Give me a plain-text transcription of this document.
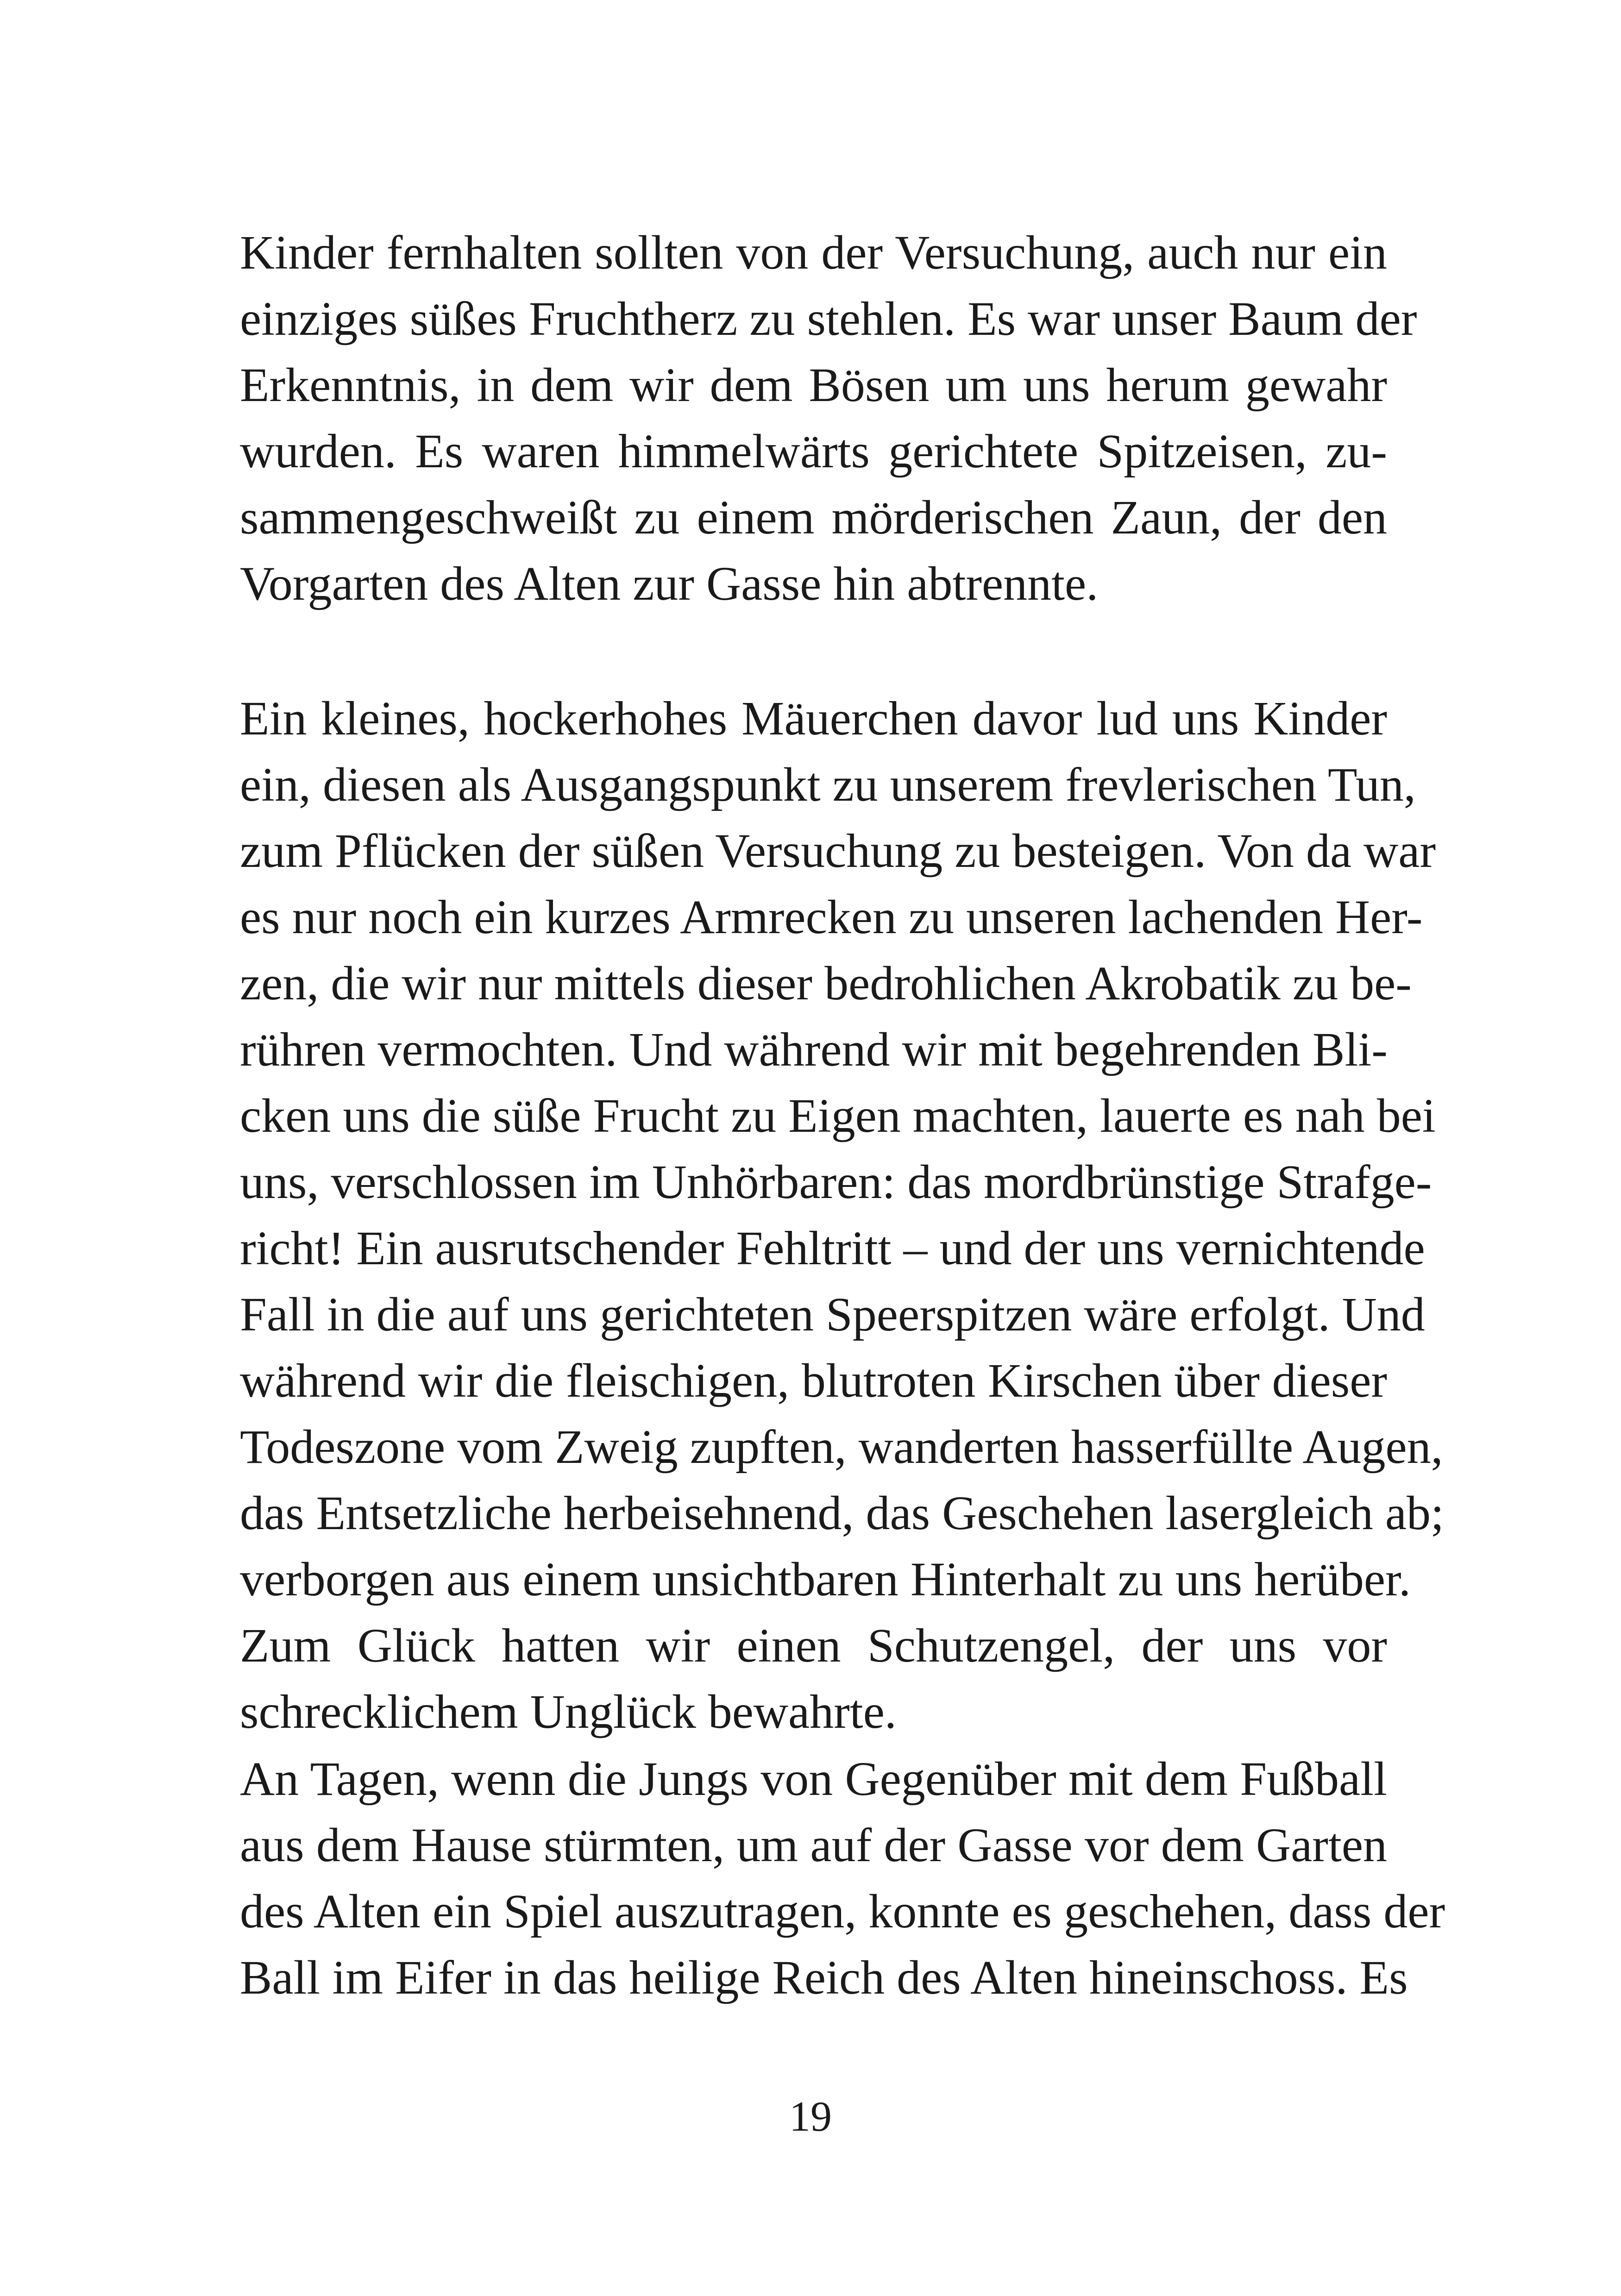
Kinder fernhalten sollten von der Versuchung, auch nur ein
einziges süßes Fruchtherz zu stehlen. Es war unser Baum der
Erkenntnis, in dem wir dem Bösen um uns herum gewahr
wurden. Es waren himmelwärts gerichtete Spitzeisen, zu-
sammengeschweißt zu einem mörderischen Zaun, der den
Vorgarten des Alten zur Gasse hin abtrennte.
Ein kleines, hockerhohes Mäuerchen davor lud uns Kinder
ein, diesen als Ausgangspunkt zu unserem frevlerischen Tun,
zum Pflücken der süßen Versuchung zu besteigen. Von da war
es nur noch ein kurzes Armrecken zu unseren lachenden Her-
zen, die wir nur mittels dieser bedrohlichen Akrobatik zu be-
rühren vermochten. Und während wir mit begehrenden Bli-
cken uns die süße Frucht zu Eigen machten, lauerte es nah bei
uns, verschlossen im Unhörbaren: das mordbrünstige Strafge-
richt! Ein ausrutschender Fehltritt – und der uns vernichtende
Fall in die auf uns gerichteten Speerspitzen wäre erfolgt. Und
während wir die fleischigen, blutroten Kirschen über dieser
Todeszone vom Zweig zupften, wanderten hasserfüllte Augen,
das Entsetzliche herbeisehnend, das Geschehen lasergleich ab;
verborgen aus einem unsichtbaren Hinterhalt zu uns herüber.
Zum Glück hatten wir einen Schutzengel, der uns vor
schrecklichem Unglück bewahrte.
An Tagen, wenn die Jungs von Gegenüber mit dem Fußball
aus dem Hause stürmten, um auf der Gasse vor dem Garten
des Alten ein Spiel auszutragen, konnte es geschehen, dass der
Ball im Eifer in das heilige Reich des Alten hineinschoss. Es
19
